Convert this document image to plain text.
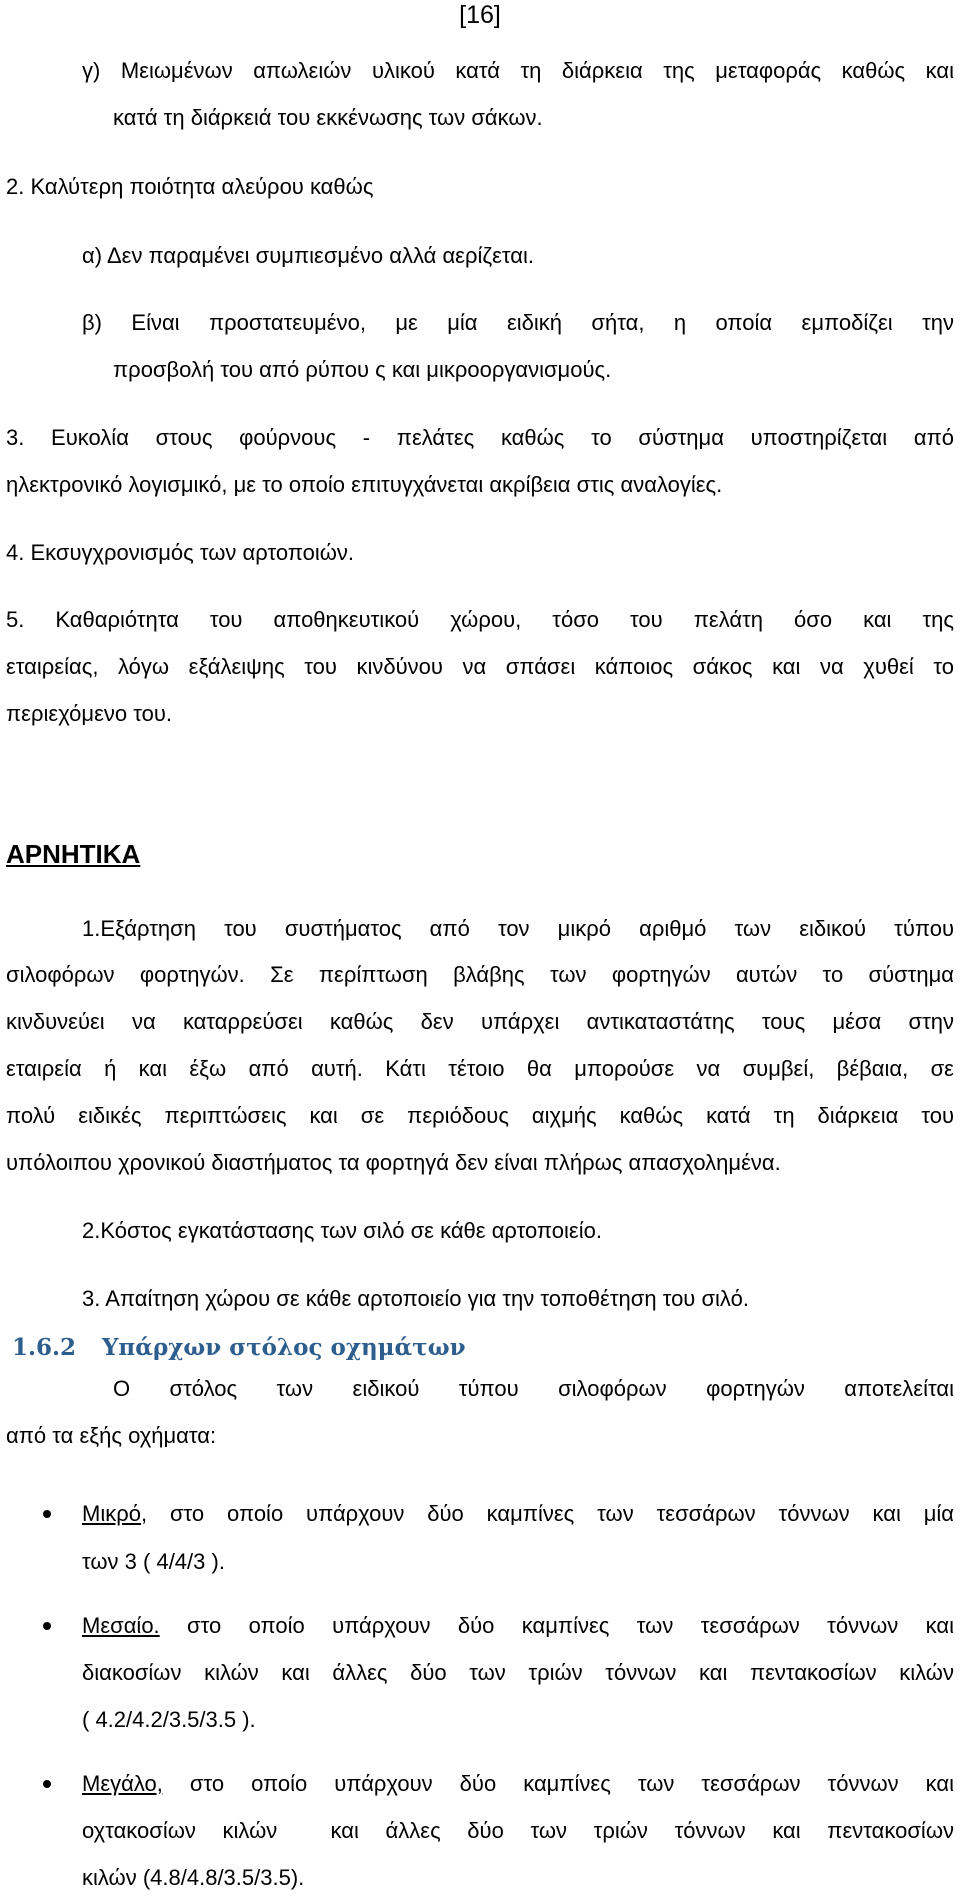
[16]
γ) Μειωμένων απωλειών υλικού κατά τη διάρκεια της μεταφοράς καθώς και
κατά τη διάρκειά του εκκένωσης των σάκων.
2. Καλύτερη ποιότητα αλεύρου καθώς
α) Δεν παραμένει συμπιεσμένο αλλά αερίζεται.
β) Είναι προστατευμένο, με μία ειδική σήτα, η οποία εμποδίζει την
προσβολή του από ρύπου ς και μικροοργανισμούς.
3. Ευκολία στους φούρνους - πελάτες καθώς το σύστημα υποστηρίζεται από
ηλεκτρονικό λογισμικό, με το οποίο επιτυγχάνεται ακρίβεια στις αναλογίες.
4. Εκσυγχρονισμός των αρτοποιών.
5. Καθαριότητα του αποθηκευτικού χώρου, τόσο του πελάτη όσο και της
εταιρείας, λόγω εξάλειψης του κινδύνου να σπάσει κάποιος σάκος και να χυθεί το
περιεχόμενο του.
ΑΡΝΗΤΙΚΑ
1.Εξάρτηση του συστήματος από τον μικρό αριθμό των ειδικού τύπου
σιλοφόρων φορτηγών. Σε περίπτωση βλάβης των φορτηγών αυτών το σύστημα
κινδυνεύει να καταρρεύσει καθώς δεν υπάρχει αντικαταστάτης τους μέσα στην
εταιρεία ή και έξω από αυτή. Κάτι τέτοιο θα μπορούσε να συμβεί, βέβαια, σε
πολύ ειδικές περιπτώσεις και σε περιόδους αιχμής καθώς κατά τη διάρκεια του
υπόλοιπου χρονικού διαστήματος τα φορτηγά δεν είναι πλήρως απασχολημένα.
2.Κόστος εγκατάστασης των σιλό σε κάθε αρτοποιείο.
3. Απαίτηση χώρου σε κάθε αρτοποιείο για την τοποθέτηση του σιλό.
1.6.2 Υπάρχων στόλος οχημάτων
Ο στόλος των ειδικού τύπου σιλοφόρων φορτηγών αποτελείται
από τα εξής οχήματα:
Μικρό , στο οποίο υπάρχουν δύο καμπίνες των τεσσάρων τόννων και μία
των 3 ( 4/4/3 ).
Μεσαίο. στο οποίο υπάρχουν δύο καμπίνες των τεσσάρων τόννων και
διακοσίων κιλών και άλλες δύο των τριών τόννων και πεντακοσίων κιλών
( 4.2/4.2/3.5/3.5 ).
Μεγάλο, στο οποίο υπάρχουν δύο καμπίνες των τεσσάρων τόννων και
οχτακοσίων κιλών  και άλλες δύο των τριών τόννων και πεντακοσίων
κιλών (4.8/4.8/3.5/3.5).
